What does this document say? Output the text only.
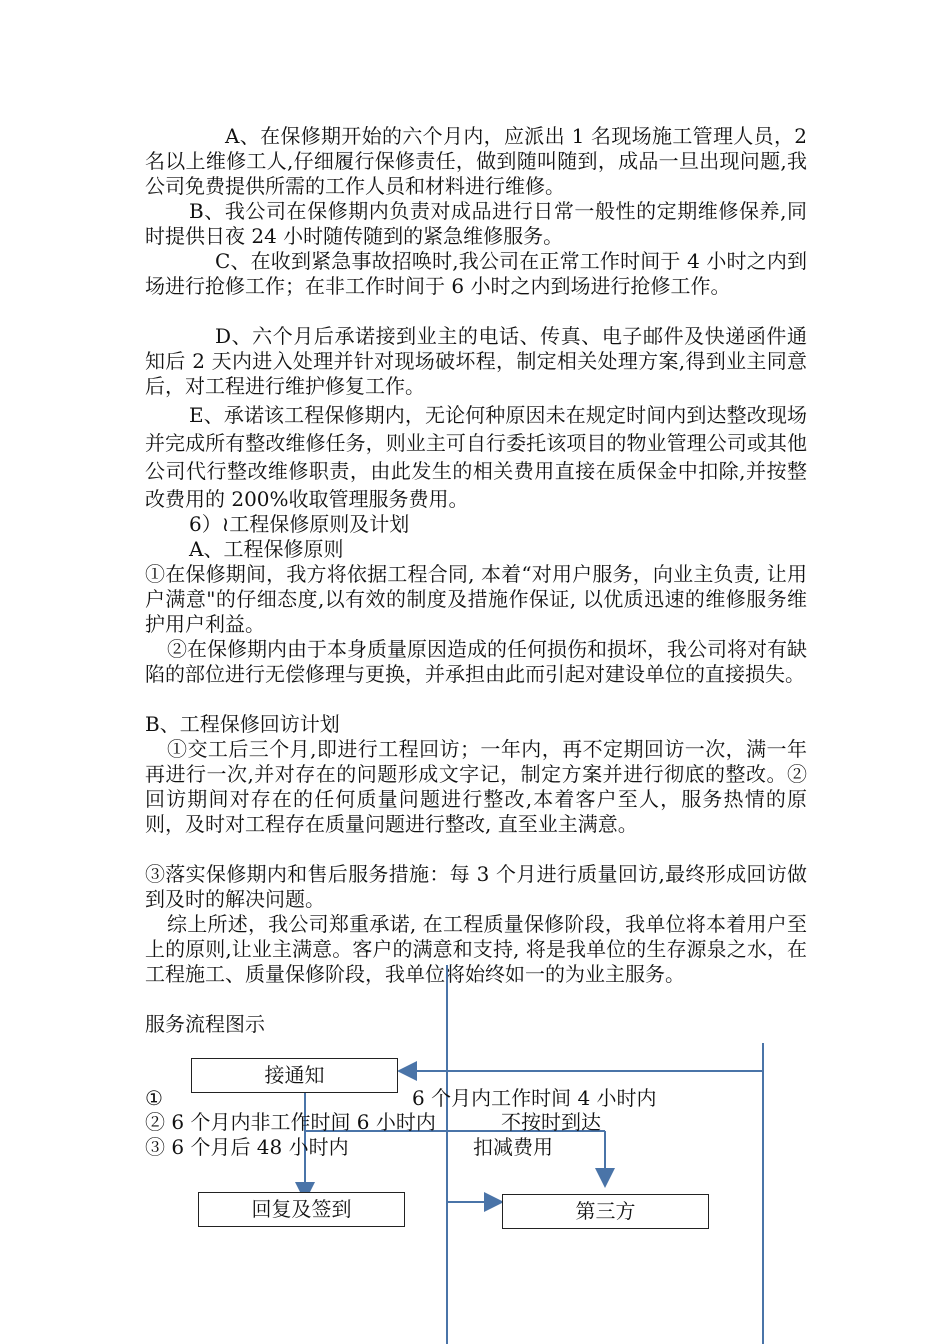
A、在保修期开始的六个月内，应派出 1 名现场施工管理人员，2 名以上维修工人,仔细履行保修责任，做到随叫随到，成品一旦出现问题,我公司免费提供所需的工作人员和材料进行维修。

B、我公司在保修期内负责对成品进行日常一般性的定期维修保养,同时提供日夜 24 小时随传随到的紧急维修服务。

C、在收到紧急事故招唤时,我公司在正常工作时间于 4 小时之内到场进行抢修工作；在非工作时间于 6 小时之内到场进行抢修工作。

D、六个月后承诺接到业主的电话、传真、电子邮件及快递函件通知后 2 天内进入处理并针对现场破坏程，制定相关处理方案,得到业主同意后，对工程进行维护修复工作。

E、承诺该工程保修期内，无论何种原因未在规定时间内到达整改现场并完成所有整改维修任务，则业主可自行委托该项目的物业管理公司或其他公司代行整改维修职责，由此发生的相关费用直接在质保金中扣除,并按整改费用的 200%收取管理服务费用。

6）≀工程保修原则及计划
A、工程保修原则

①在保修期间，我方将依据工程合同, 本着“对用户服务，向业主负责, 让用户满意"的仔细态度,以有效的制度及措施作保证, 以优质迅速的维修服务维护用户利益。

②在保修期内由于本身质量原因造成的任何损伤和损坏，我公司将对有缺陷的部位进行无偿修理与更换，并承担由此而引起对建设单位的直接损失。

B、工程保修回访计划

①交工后三个月,即进行工程回访；一年内，再不定期回访一次，满一年再进行一次,并对存在的问题形成文字记，制定方案并进行彻底的整改。②回访期间对存在的任何质量问题进行整改,本着客户至人，服务热情的原则，及时对工程存在质量问题进行整改, 直至业主满意。

③落实保修期内和售后服务措施：每 3 个月进行质量回访,最终形成回访做到及时的解决问题。

综上所述，我公司郑重承诺, 在工程质量保修阶段，我单位将本着用户至上的原则,让业主满意。客户的满意和支持, 将是我单位的生存源泉之水，在工程施工、质量保修阶段，我单位将始终如一的为业主服务。

服务流程图示
接通知
回复及签到	第三方
①	6 个月内工作时间 4 小时内
② 6 个月内非工作时间 6 小时内	不按时到达
③ 6 个月后 48 小时内	扣减费用
